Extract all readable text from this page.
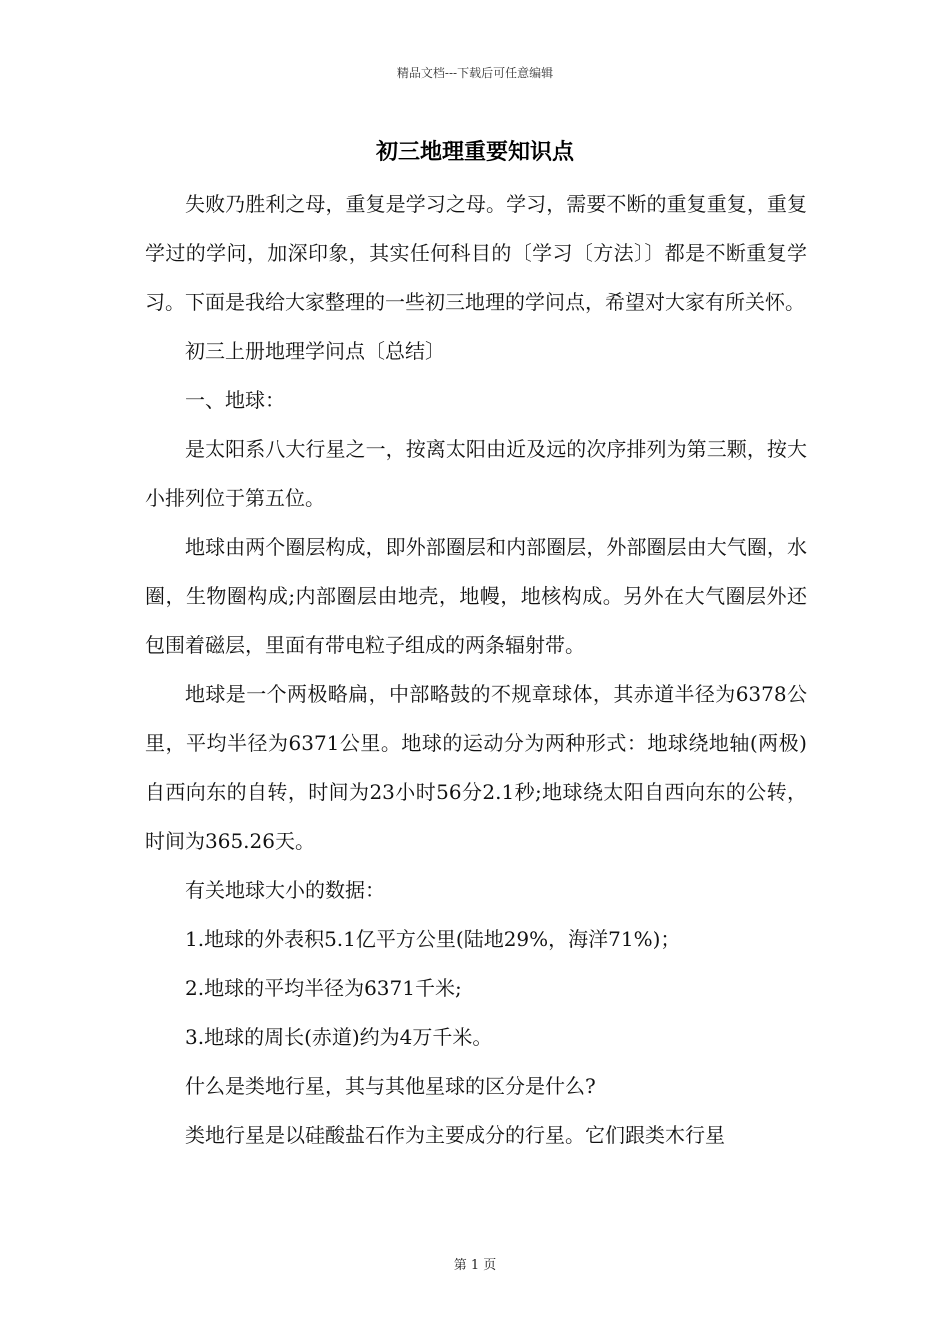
精品文档---下载后可任意编辑
初三地理重要知识点

失败乃胜利之母，重复是学习之母。学习，需要不断的重复重复，重复学过的学问，加深印象，其实任何科目的〔学习〔方法〕〕都是不断重复学习。下面是我给大家整理的一些初三地理的学问点，希望对大家有所关怀。

初三上册地理学问点〔总结〕

一、地球：

是太阳系八大行星之一，按离太阳由近及远的次序排列为第三颗，按大小排列位于第五位。

地球由两个圈层构成，即外部圈层和内部圈层，外部圈层由大气圈，水圈，生物圈构成;内部圈层由地壳，地幔，地核构成。另外在大气圈层外还包围着磁层，里面有带电粒子组成的两条辐射带。

地球是一个两极略扁，中部略鼓的不规章球体，其赤道半径为6378公里，平均半径为6371公里。地球的运动分为两种形式：地球绕地轴(两极)自西向东的自转，时间为23小时56分2.1秒;地球绕太阳自西向东的公转，时间为365.26天。

有关地球大小的数据：

1.地球的外表积5.1亿平方公里(陆地29%，海洋71%)；

2.地球的平均半径为6371千米;

3.地球的周长(赤道)约为4万千米。

什么是类地行星，其与其他星球的区分是什么?

类地行星是以硅酸盐石作为主要成分的行星。它们跟类木行星

第 1 页
